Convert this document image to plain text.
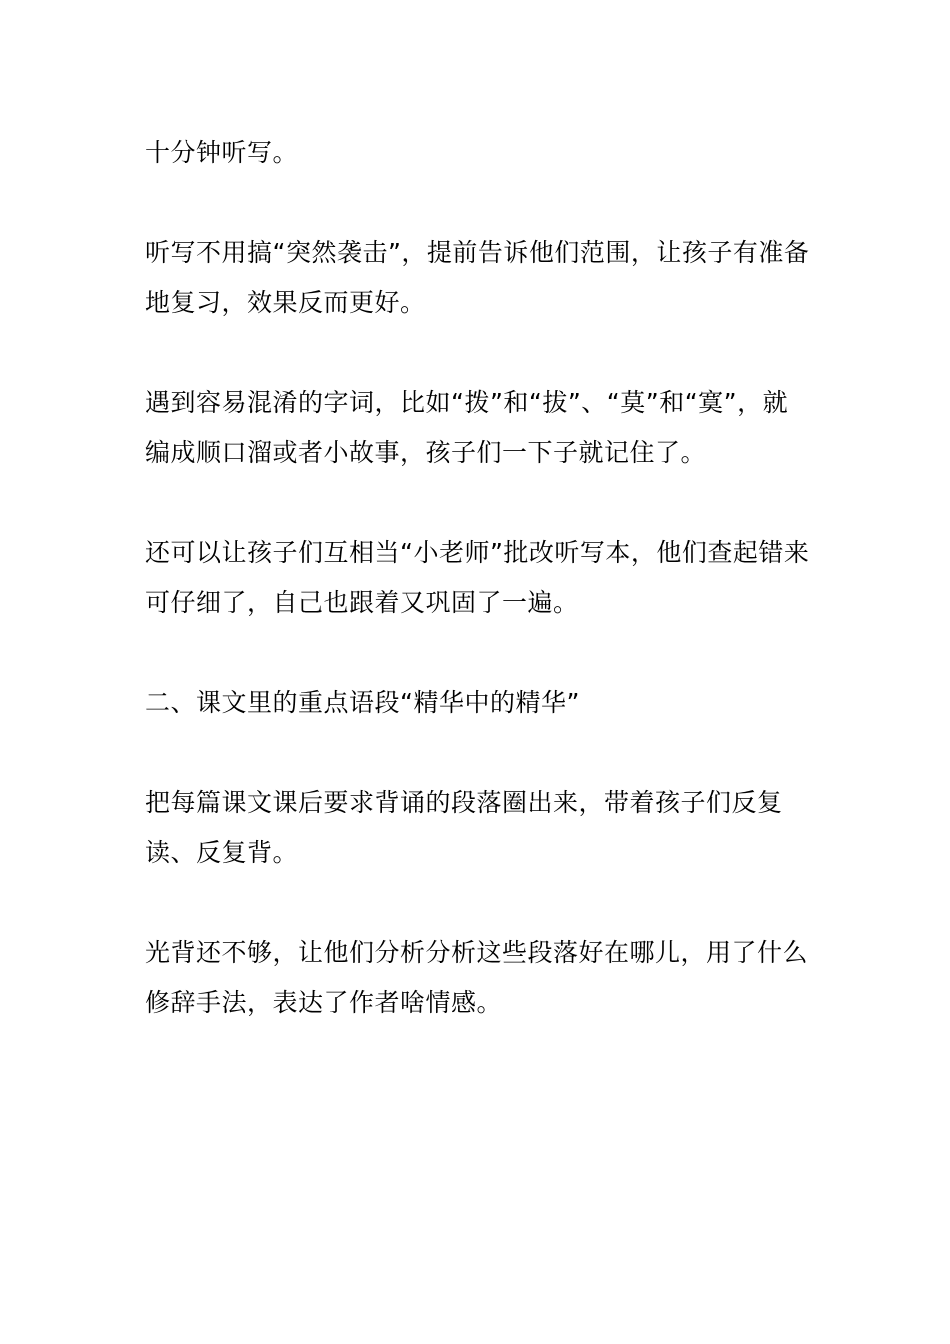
十分钟听写。

听写不用搞“突然袭击”，提前告诉他们范围，让孩子有准备地复习，效果反而更好。

遇到容易混淆的字词，比如“拨”和“拔”、“莫”和“寞”，就编成顺口溜或者小故事，孩子们一下子就记住了。

还可以让孩子们互相当“小老师”批改听写本，他们查起错来可仔细了，自己也跟着又巩固了一遍。

二、课文里的重点语段“精华中的精华”

把每篇课文课后要求背诵的段落圈出来，带着孩子们反复读、反复背。

光背还不够，让他们分析分析这些段落好在哪儿，用了什么修辞手法，表达了作者啥情感。
